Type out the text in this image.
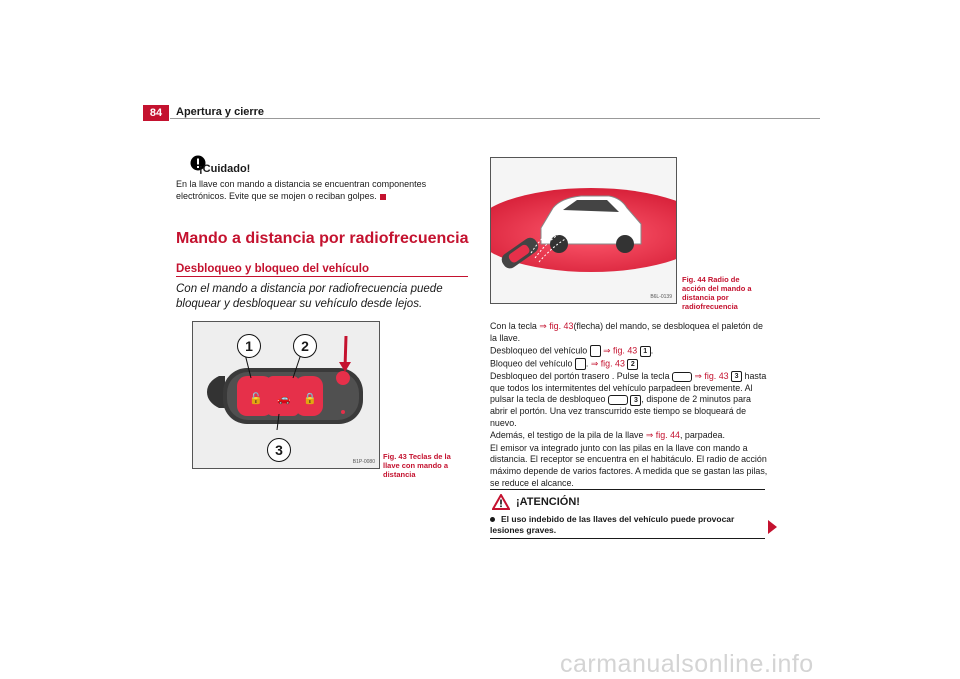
84	Apertura y cierre
¡Cuidado!
En la llave con mando a distancia se encuentran componentes electrónicos. Evite que se mojen o reciban golpes.
Mando a distancia por radiofrecuencia
Desbloqueo y bloqueo del vehículo
Con el mando a distancia por radiofrecuencia puede bloquear y desbloquear su vehículo desde lejos.
🔓 🚗 🔒
1	2
3
B1P-0080
Fig. 43 Teclas de la llave con mando a distancia
B6L-0139
Fig. 44 Radio de acción del mando a distancia por radiofrecuencia

Con la tecla ⇒ fig. 43(flecha) del mando, se desbloquea el paletón de la llave.

Desbloqueo del vehículo  ⇒ fig. 43 1 .

Bloqueo del vehículo . ⇒ fig. 43 2

Desbloqueo del portón trasero . Pulse la tecla	⇒ fig. 43 3 hasta que todos los intermitentes del vehículo parpadeen brevemente. Al pulsar la tecla de desbloqueo	3 , dispone de 2 minutos para abrir el portón. Una vez transcurrido este tiempo se bloqueará de nuevo.

Además, el testigo de la pila de la llave ⇒ fig. 44, parpadea.

El emisor va integrado junto con las pilas en la llave con mando a distancia. El receptor se encuentra en el habitáculo. El radio de acción máximo depende de varios factores. A medida que se gastan las pilas, se reduce el alcance.

¡ATENCIÓN!
El uso indebido de las llaves del vehículo puede provocar lesiones graves.
carmanualsonline.info
